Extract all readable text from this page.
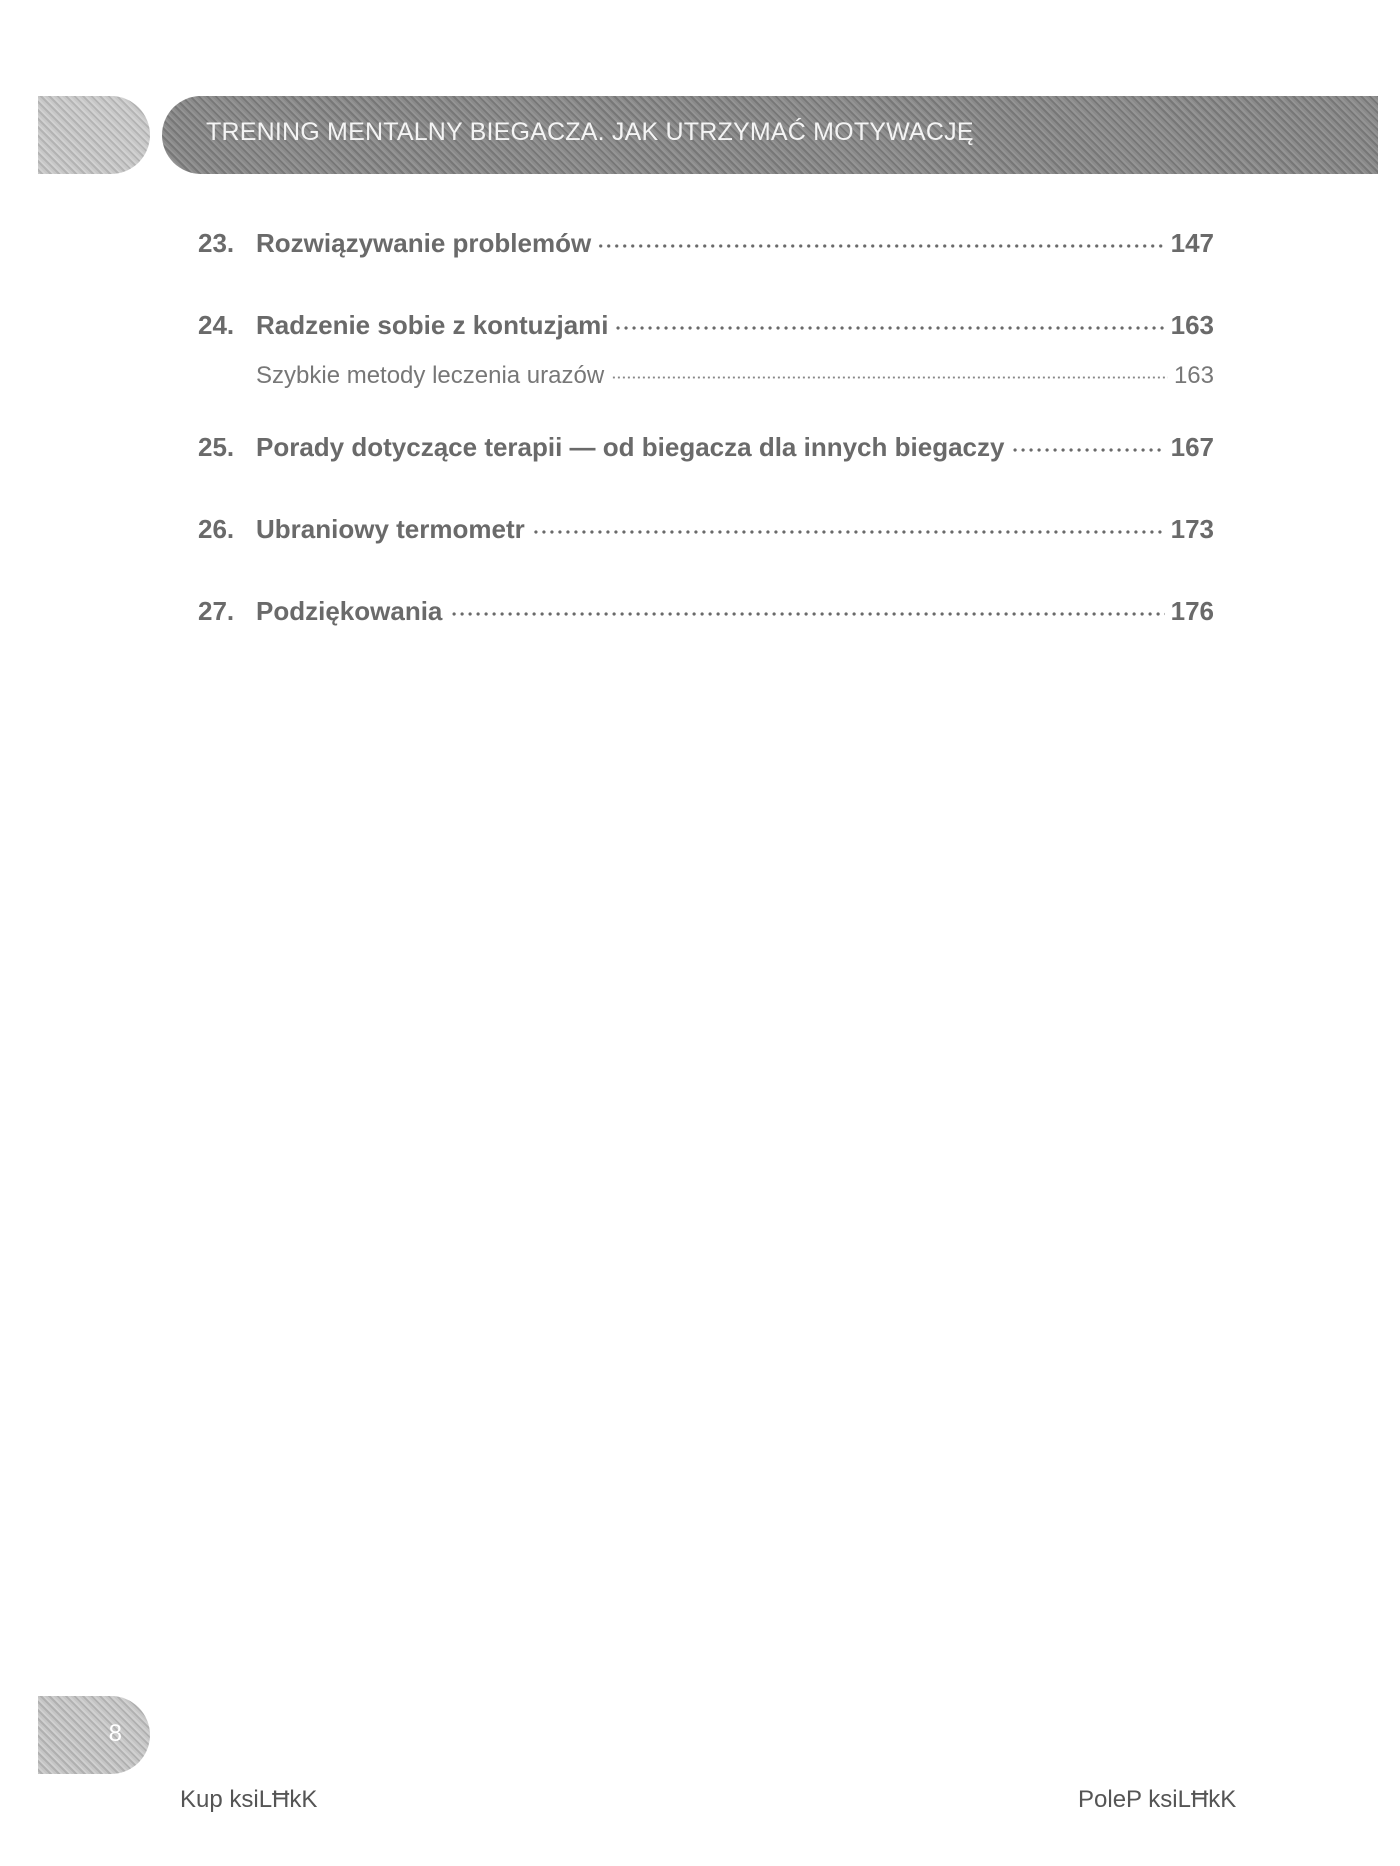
TRENING MENTALNY BIEGACZA. JAK UTRZYMAĆ MOTYWACJĘ
23. Rozwiązywanie problemów	147
24. Radzenie sobie z kontuzjami	163
Szybkie metody leczenia urazów	163
25. Porady dotyczące terapii — od biegacza dla innych biegaczy	167
26. Ubraniowy termometr	173
27. Podziękowania	176
8
Kup ksiLĦkK	PoleP ksiLĦkK
